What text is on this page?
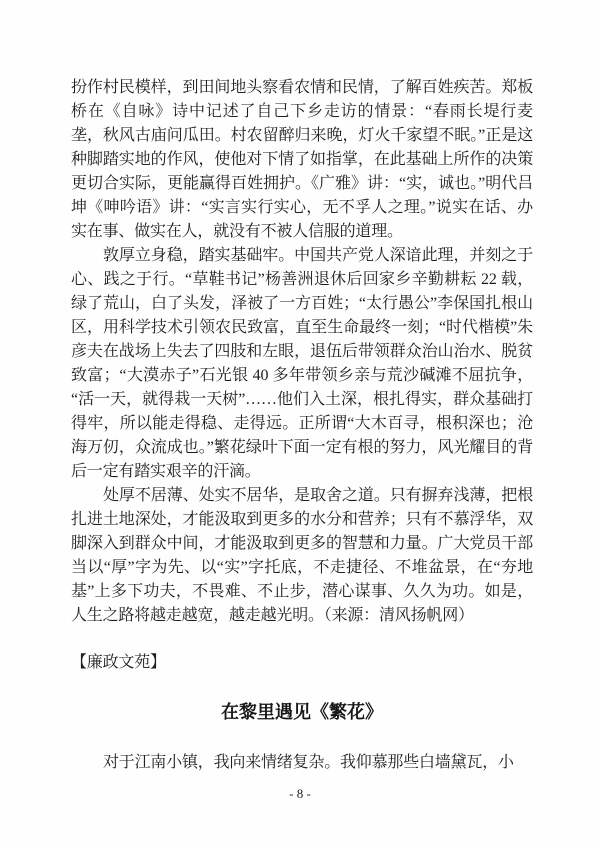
扮作村民模样，到田间地头察看农情和民情，了解百姓疾苦。郑板桥在《自咏》诗中记述了自己下乡走访的情景：“春雨长堤行麦垄，秋风古庙问瓜田。村农留醉归来晚，灯火千家望不眠。”正是这种脚踏实地的作风，使他对下情了如指掌，在此基础上所作的决策更切合实际，更能赢得百姓拥护。《广雅》讲：“实，诚也。”明代吕坤《呻吟语》讲：“实言实行实心，无不孚人之理。”说实在话、办实在事、做实在人，就没有不被人信服的道理。

敦厚立身稳，踏实基础牢。中国共产党人深谙此理，并刻之于心、践之于行。“草鞋书记”杨善洲退休后回家乡辛勤耕耘 22 载，绿了荒山，白了头发，泽被了一方百姓；“太行愚公”李保国扎根山区，用科学技术引领农民致富，直至生命最终一刻；“时代楷模”朱彦夫在战场上失去了四肢和左眼，退伍后带领群众治山治水、脱贫致富；“大漠赤子”石光银 40 多年带领乡亲与荒沙碱滩不屈抗争，“活一天，就得栽一天树”……他们入土深，根扎得实，群众基础打得牢，所以能走得稳、走得远。正所谓“大木百寻，根积深也；沧海万仞，众流成也。”繁花绿叶下面一定有根的努力，风光耀目的背后一定有踏实艰辛的汗滴。

处厚不居薄、处实不居华，是取舍之道。只有摒弃浅薄，把根扎进土地深处，才能汲取到更多的水分和营养；只有不慕浮华，双脚深入到群众中间，才能汲取到更多的智慧和力量。广大党员干部当以“厚”字为先、以“实”字托底，不走捷径、不堆盆景，在“夯地基”上多下功夫，不畏难、不止步，潜心谋事、久久为功。如是，人生之路将越走越宽，越走越光明。（来源：清风扬帆网）

【廉政文苑】

在黎里遇见《繁花》

对于江南小镇，我向来情绪复杂。我仰慕那些白墙黛瓦，小

- 8 -
